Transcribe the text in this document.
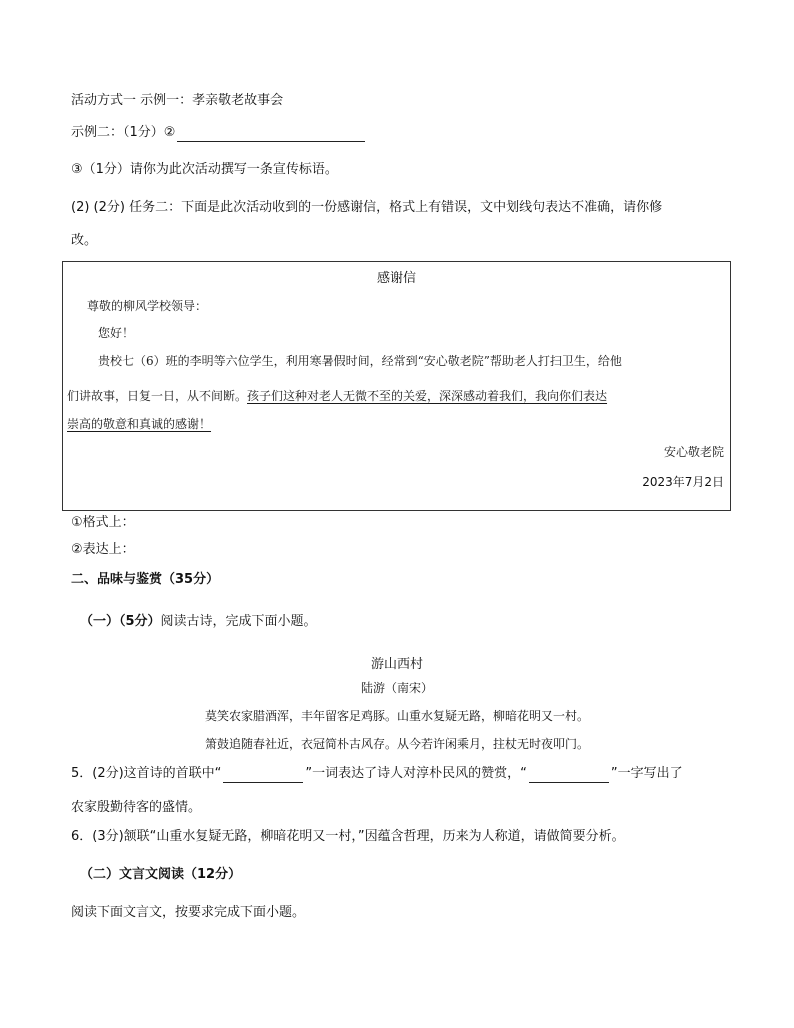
活动方式一 示例一：孝亲敬老故事会
示例二：（1分）②
③（1分）请你为此次活动撰写一条宣传标语。
(2) (2分) 任务二：下面是此次活动收到的一份感谢信，格式上有错误，文中划线句表达不准确，请你修
改。
感谢信
尊敬的柳风学校领导：
您好！
贵校七（6）班的李明等六位学生，利用寒暑假时间，经常到“安心敬老院”帮助老人打扫卫生，给他
们讲故事，日复一日，从不间断。孩子们这种对老人无微不至的关爱，深深感动着我们，我向你们表达
崇高的敬意和真诚的感谢！
安心敬老院
2023年7月2日
①格式上：
②表达上：
二、品味与鉴赏（35分）
（一）（5分）阅读古诗，完成下面小题。
游山西村
陆游（南宋）
莫笑农家腊酒浑，丰年留客足鸡豚。山重水复疑无路，柳暗花明又一村。
箫鼓追随春社近，衣冠简朴古风存。从今若许闲乘月，拄杖无时夜叩门。
5．(2分)这首诗的首联中“	”一词表达了诗人对淳朴民风的赞赏，“	”一字写出了
农家殷勤待客的盛情。
6．(3分)颔联“山重水复疑无路，柳暗花明又一村，”因蕴含哲理，历来为人称道，请做简要分析。
（二）文言文阅读（12分）
阅读下面文言文，按要求完成下面小题。
